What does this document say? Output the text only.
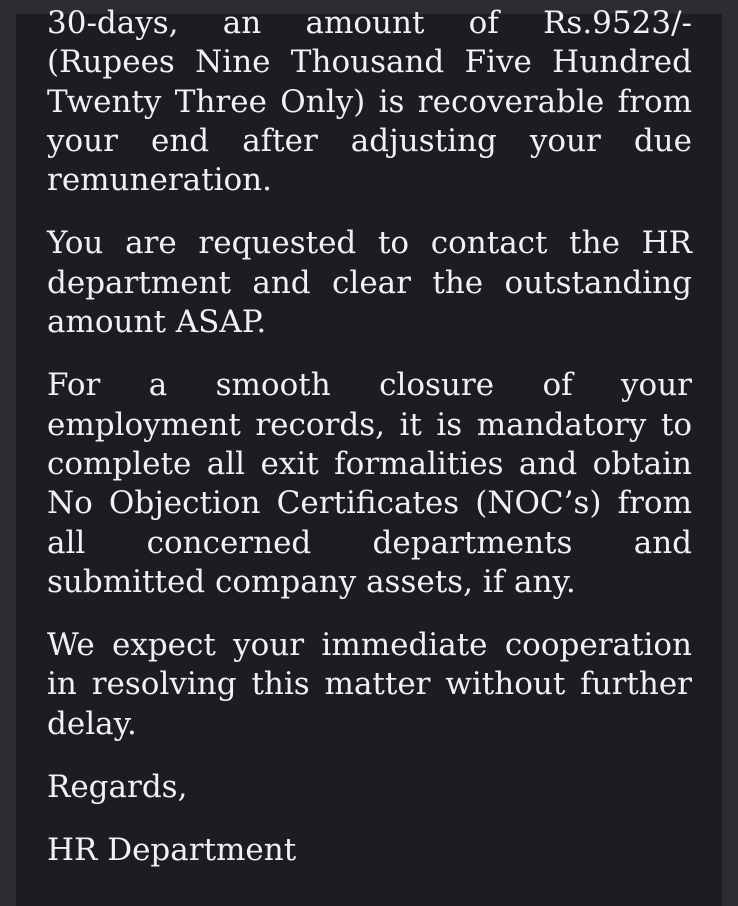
30-days, an amount of Rs.9523/- (Rupees Nine Thousand Five Hundred Twenty Three Only) is recoverable from your end after adjusting your due remuneration.

You are requested to contact the HR department and clear the outstanding amount ASAP.

For a smooth closure of your employment records, it is mandatory to complete all exit formalities and obtain No Objection Certificates (NOC’s) from all concerned departments and submitted company assets, if any.

We expect your immediate cooperation in resolving this matter without further delay.

Regards,

HR Department
